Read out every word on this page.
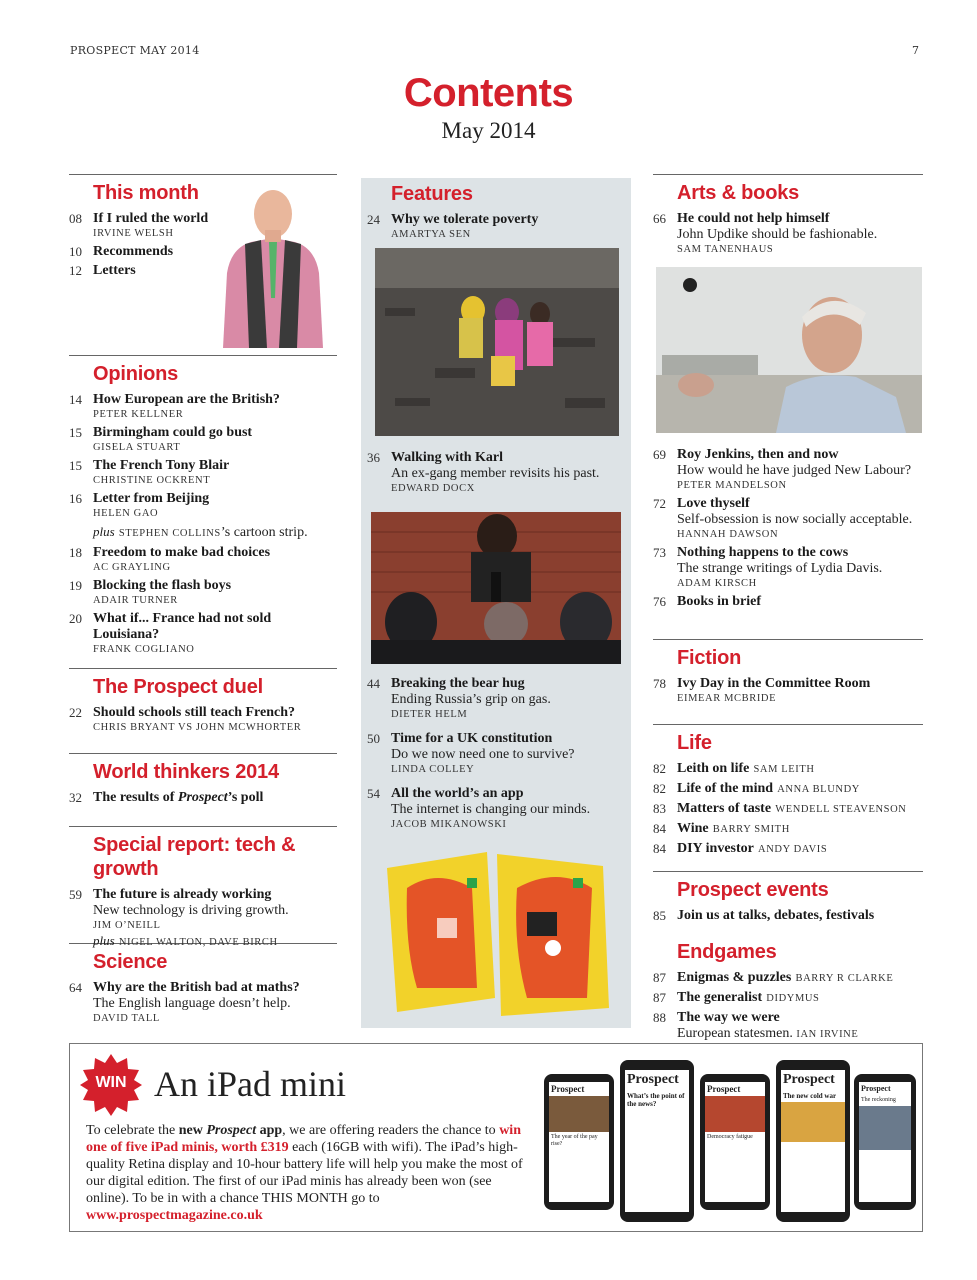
PROSPECT MAY 2014	7
Contents
May 2014
This month
08 If I ruled the world
IRVINE WELSH
10 Recommends
12 Letters
Opinions
14 How European are the British?
PETER KELLNER
15 Birmingham could go bust
GISELA STUART
15 The French Tony Blair
CHRISTINE OCKRENT
16 Letter from Beijing
HELEN GAO
plus STEPHEN COLLINS’s cartoon strip.
18 Freedom to make bad choices
AC GRAYLING
19 Blocking the flash boys
ADAIR TURNER
20 What if... France had not sold Louisiana?
FRANK COGLIANO
The Prospect duel
22 Should schools still teach French?
CHRIS BRYANT VS JOHN MCWHORTER
World thinkers 2014
32 The results of Prospect’s poll
Special report: tech & growth
59 The future is already working
New technology is driving growth.
JIM O’NEILL
plus NIGEL WALTON, DAVE BIRCH
Science
64 Why are the British bad at maths?
The English language doesn’t help.
DAVID TALL
Features
24 Why we tolerate poverty
AMARTYA SEN
36 Walking with Karl
An ex-gang member revisits his past.
EDWARD DOCX
44 Breaking the bear hug
Ending Russia’s grip on gas.
DIETER HELM
50 Time for a UK constitution
Do we now need one to survive?
LINDA COLLEY
54 All the world’s an app
The internet is changing our minds.
JACOB MIKANOWSKI
Arts & books
66 He could not help himself
John Updike should be fashionable.
SAM TANENHAUS
69 Roy Jenkins, then and now
How would he have judged New Labour?
PETER MANDELSON
72 Love thyself
Self-obsession is now socially acceptable.
HANNAH DAWSON
73 Nothing happens to the cows
The strange writings of Lydia Davis.
ADAM KIRSCH
76 Books in brief
Fiction
78 Ivy Day in the Committee Room
EIMEAR MCBRIDE
Life
82 Leith on life SAM LEITH
82 Life of the mind ANNA BLUNDY
83 Matters of taste WENDELL STEAVENSON
84 Wine BARRY SMITH
84 DIY investor ANDY DAVIS
Prospect events
85 Join us at talks, debates, festivals
Endgames
87 Enigmas & puzzles BARRY R CLARKE
87 The generalist DIDYMUS
88 The way we were
European statesmen. IAN IRVINE
WIN An iPad mini
To celebrate the new Prospect app, we are offering readers the chance to win one of five iPad minis, worth £319 each (16GB with wifi). The iPad’s high-quality Retina display and 10-hour battery life will help you make the most of our digital edition. The first of our iPad minis has already been won (see online). To be in with a chance THIS MONTH go to www.prospectmagazine.co.uk
Prospect
The year of the pay rise?
Prospect
What’s the point of the news?
Prospect
Democracy fatigue
Prospect
The new cold war
Prospect
The reckoning
